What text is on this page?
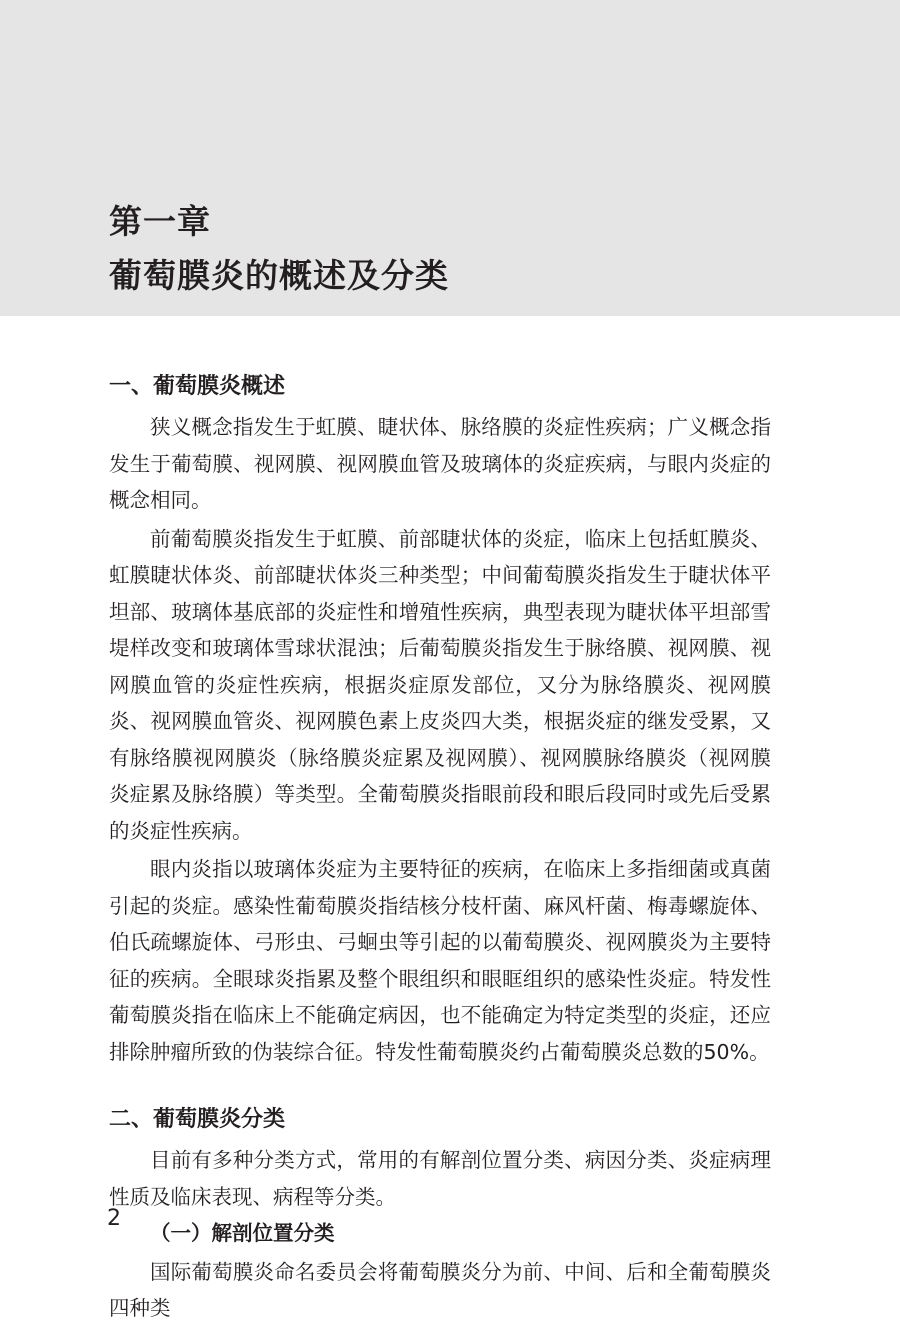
第一章
葡萄膜炎的概述及分类
一、葡萄膜炎概述

狭义概念指发生于虹膜、睫状体、脉络膜的炎症性疾病；广义概念指发生于葡萄膜、视网膜、视网膜血管及玻璃体的炎症疾病，与眼内炎症的概念相同。

前葡萄膜炎指发生于虹膜、前部睫状体的炎症，临床上包括虹膜炎、虹膜睫状体炎、前部睫状体炎三种类型；中间葡萄膜炎指发生于睫状体平坦部、玻璃体基底部的炎症性和增殖性疾病，典型表现为睫状体平坦部雪堤样改变和玻璃体雪球状混浊；后葡萄膜炎指发生于脉络膜、视网膜、视网膜血管的炎症性疾病，根据炎症原发部位，又分为脉络膜炎、视网膜炎、视网膜血管炎、视网膜色素上皮炎四大类，根据炎症的继发受累，又有脉络膜视网膜炎（脉络膜炎症累及视网膜）、视网膜脉络膜炎（视网膜炎症累及脉络膜）等类型。全葡萄膜炎指眼前段和眼后段同时或先后受累的炎症性疾病。

眼内炎指以玻璃体炎症为主要特征的疾病，在临床上多指细菌或真菌引起的炎症。感染性葡萄膜炎指结核分枝杆菌、麻风杆菌、梅毒螺旋体、伯氏疏螺旋体、弓形虫、弓蛔虫等引起的以葡萄膜炎、视网膜炎为主要特征的疾病。全眼球炎指累及整个眼组织和眼眶组织的感染性炎症。特发性葡萄膜炎指在临床上不能确定病因，也不能确定为特定类型的炎症，还应排除肿瘤所致的伪装综合征。特发性葡萄膜炎约占葡萄膜炎总数的50%。

二、葡萄膜炎分类

目前有多种分类方式，常用的有解剖位置分类、病因分类、炎症病理性质及临床表现、病程等分类。

（一）解剖位置分类

国际葡萄膜炎命名委员会将葡萄膜炎分为前、中间、后和全葡萄膜炎四种类

2
